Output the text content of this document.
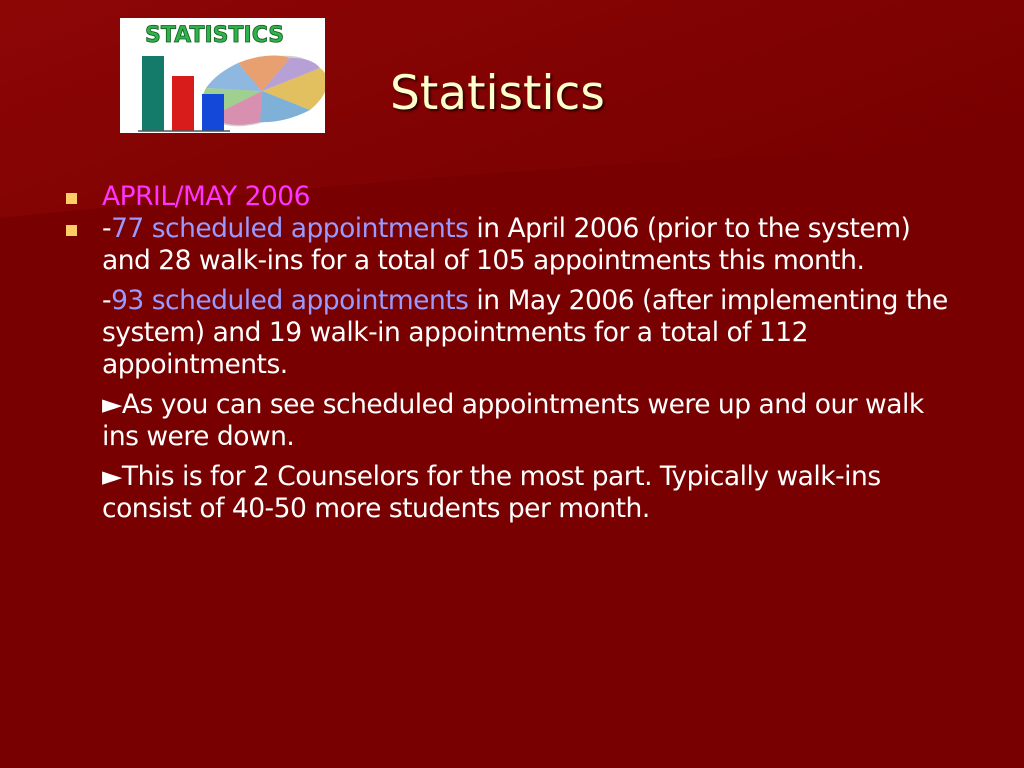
STATISTICS
Statistics
APRIL/MAY 2006
-77 scheduled appointments in April 2006 (prior to the system) and 28 walk-ins for a total of 105 appointments this month.
-93 scheduled appointments in May 2006 (after implementing the system) and 19 walk-in appointments for a total of 112 appointments.
►As you can see scheduled appointments were up and our walk ins were down.
►This is for 2 Counselors for the most part. Typically walk-ins consist of 40-50 more students per month.
